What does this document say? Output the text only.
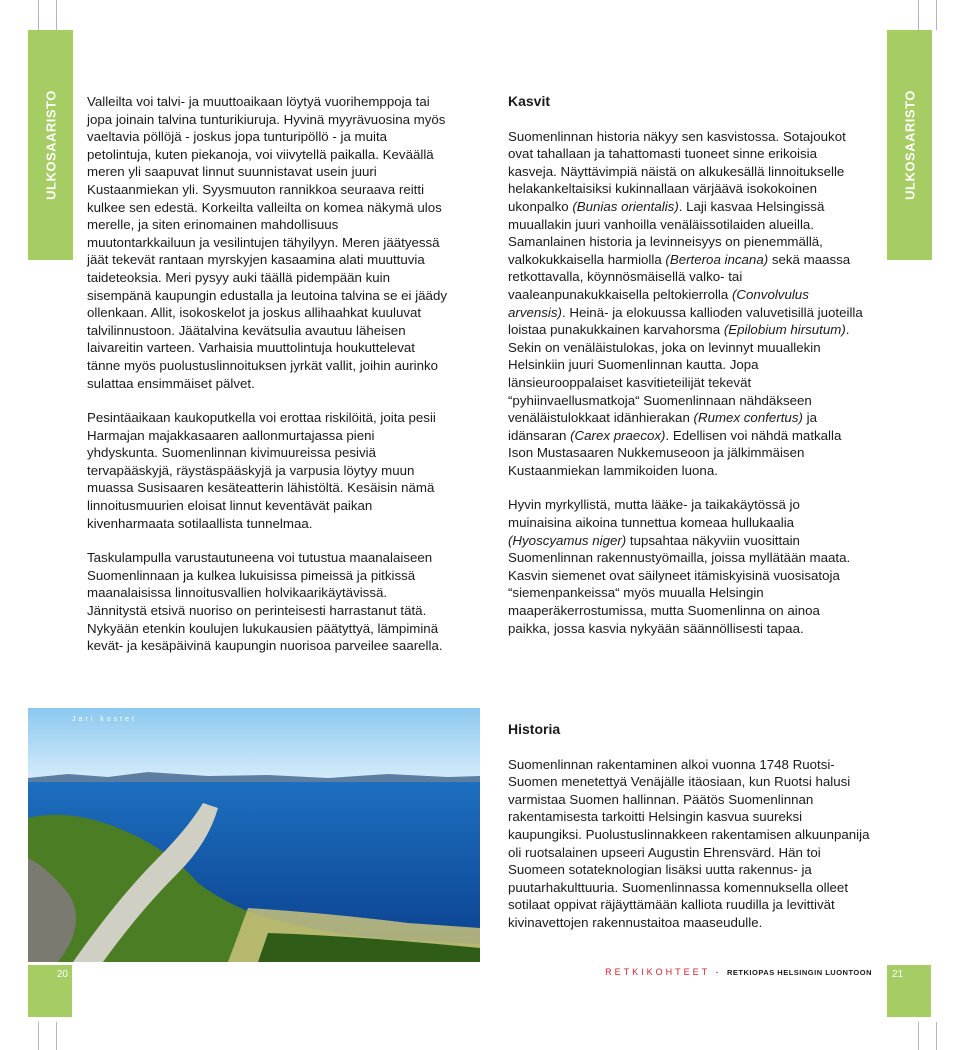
ULKOSAARISTO	ULKOSAARISTO

Valleilta voi talvi- ja muuttoaikaan löytyä vuorihemppoja tai jopa joinain talvina tunturikiuruja. Hyvinä myyrävuosina myös vaeltavia pöllöjä - joskus jopa tunturipöllö - ja muita petolintuja, kuten piekanoja, voi viivytellä paikalla. Keväällä meren yli saapuvat linnut suunnistavat usein juuri Kustaanmiekan yli. Syysmuuton rannikkoa seuraava reitti kulkee sen edestä. Korkeilta valleilta on komea näkymä ulos merelle, ja siten erinomainen mahdollisuus muutontarkkailuun ja vesilintujen tähyilyyn. Meren jäätyessä jäät tekevät rantaan myrskyjen kasaamina alati muuttuvia taideteoksia. Meri pysyy auki täällä pidempään kuin sisempänä kaupungin edustalla ja leutoina talvina se ei jäädy ollenkaan. Allit, isokoskelot ja joskus allihaahkat kuuluvat talvilinnustoon. Jäätalvina kevätsulia avautuu läheisen laivareitin varteen. Varhaisia muuttolintuja houkuttelevat tänne myös puolustuslinnoituksen jyrkät vallit, joihin aurinko sulattaa ensimmäiset pälvet.

Pesintäaikaan kaukoputkella voi erottaa riskilöitä, joita pesii Harmajan majakkasaaren aallonmurtajassa pieni yhdyskunta. Suomenlinnan kivimuureissa pesiviä tervapääskyjä, räystäspääskyjä ja varpusia löytyy muun muassa Susisaaren kesäteatterin lähistöltä. Kesäisin nämä linnoitusmuurien eloisat linnut keventävät paikan kivenharmaata sotilaallista tunnelmaa.

Taskulampulla varustautuneena voi tutustua maanalaiseen Suomenlinnaan ja kulkea lukuisissa pimeissä ja pitkissä maanalaisissa linnoitusvallien holvikaarikäytävissä. Jännitystä etsivä nuoriso on perinteisesti harrastanut tätä. Nykyään etenkin koulujen lukukausien päätyttyä, lämpiminä kevät- ja kesäpäivinä kaupungin nuorisoa parveilee saarella.

Kasvit

Suomenlinnan historia näkyy sen kasvistossa. Sotajoukot ovat tahallaan ja tahattomasti tuoneet sinne erikoisia kasveja. Näyttävimpiä näistä on alkukesällä linnoitukselle helakankeltaisiksi kukinnallaan värjäävä isokokoinen ukonpalko (Bunias orientalis). Laji kasvaa Helsingissä muuallakin juuri vanhoilla venäläissotilaiden alueilla. Samanlainen historia ja levinneisyys on pienemmällä, valkokukkaisella harmiolla (Berteroa incana) sekä maassa retkottavalla, köynnösmäisellä valko- tai vaaleanpunakukkaisella peltokierrolla (Convolvulus arvensis). Heinä- ja elokuussa kallioden valuvetisillä juoteilla loistaa punakukkainen karvahorsma (Epilobium hirsutum). Sekin on venäläistulokas, joka on levinnyt muuallekin Helsinkiin juuri Suomenlinnan kautta. Jopa länsieurooppalaiset kasvitieteilijät tekevät “pyhiinvaellusmatkoja“ Suomenlinnaan nähdäkseen venäläistulokkaat idänhierakan (Rumex confertus) ja idänsaran (Carex praecox). Edellisen voi nähdä matkalla Ison Mustasaaren Nukkemuseoon ja jälkimmäisen Kustaanmiekan lammikoiden luona.

Hyvin myrkyllistä, mutta lääke- ja taikakäytössä jo muinaisina aikoina tunnettua komeaa hullukaalia (Hyoscyamus niger) tupsahtaa näkyviin vuosittain Suomenlinnan rakennustyömailla, joissa myllätään maata. Kasvin siemenet ovat säilyneet itämiskyisinä vuosisatoja “siemenpankeissa“ myös muualla Helsingin maaperäkerrostumissa, mutta Suomenlinna on ainoa paikka, jossa kasvia nykyään säännöllisesti tapaa.

Jari kostet
Historia

Suomenlinnan rakentaminen alkoi vuonna 1748 Ruotsi-Suomen menetettyä Venäjälle itäosiaan, kun Ruotsi halusi varmistaa Suomen hallinnan. Päätös Suomenlinnan rakentamisesta tarkoitti Helsingin kasvua suureksi kaupungiksi. Puolustuslinnakkeen rakentamisen alkuunpanija oli ruotsalainen upseeri Augustin Ehrensvärd. Hän toi Suomeen sotateknologian lisäksi uutta rakennus- ja puutarhakulttuuria. Suomenlinnassa komennuksella olleet sotilaat oppivat räjäyttämään kalliota ruudilla ja levittivät kivinavettojen rakennustaitoa maaseudulle.

20	21
RETKIKOHTEET - RETKIOPAS HELSINGIN LUONTOON
